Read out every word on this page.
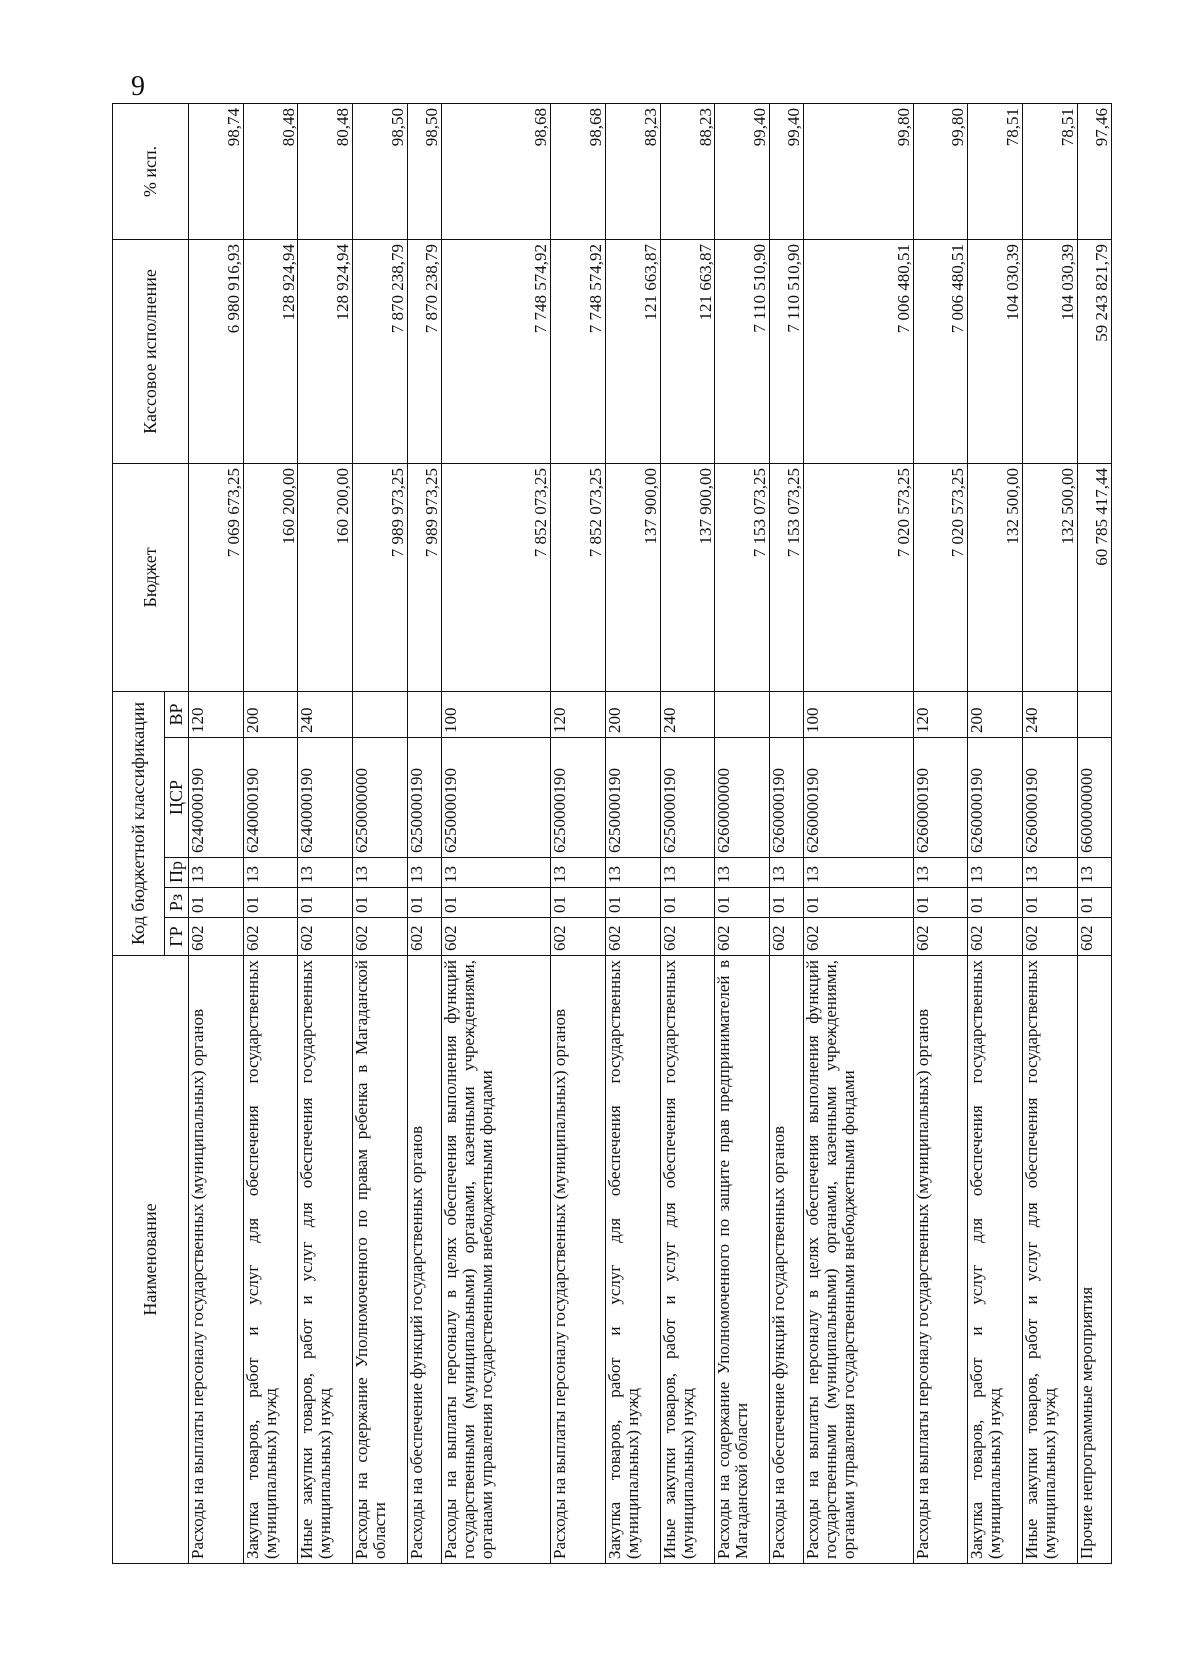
9
Наименование	Код бюджетной классификации					Бюджет	Кассовое исполнение	% исп.
	ГР	Рз	Пр	ЦСР	ВР			
Расходы на выплаты персоналу государственных (муниципальных) органов	602	01	13	6240000190	120	7 069 673,25	6 980 916,93	98,74
Закупка товаров, работ и услуг для обеспечения государственных (муниципальных) нужд	602	01	13	6240000190	200	160 200,00	128 924,94	80,48
Иные закупки товаров, работ и услуг для обеспечения государственных (муниципальных) нужд	602	01	13	6240000190	240	160 200,00	128 924,94	80,48
Расходы на содержание Уполномоченного по правам ребенка в Магаданской области	602	01	13	6250000000		7 989 973,25	7 870 238,79	98,50
Расходы на обеспечение функций государственных органов	602	01	13	6250000190		7 989 973,25	7 870 238,79	98,50
Расходы на выплаты персоналу в целях обеспечения выполнения функций государственными (муниципальными) органами, казенными учреждениями, органами управления государственными внебюджетными фондами	602	01	13	6250000190	100	7 852 073,25	7 748 574,92	98,68
Расходы на выплаты персоналу государственных (муниципальных) органов	602	01	13	6250000190	120	7 852 073,25	7 748 574,92	98,68
Закупка товаров, работ и услуг для обеспечения государственных (муниципальных) нужд	602	01	13	6250000190	200	137 900,00	121 663,87	88,23
Иные закупки товаров, работ и услуг для обеспечения государственных (муниципальных) нужд	602	01	13	6250000190	240	137 900,00	121 663,87	88,23
Расходы на содержание Уполномоченного по защите прав предпринимателей в Магаданской области	602	01	13	6260000000		7 153 073,25	7 110 510,90	99,40
Расходы на обеспечение функций государственных органов	602	01	13	6260000190		7 153 073,25	7 110 510,90	99,40
Расходы на выплаты персоналу в целях обеспечения выполнения функций государственными (муниципальными) органами, казенными учреждениями, органами управления государственными внебюджетными фондами	602	01	13	6260000190	100	7 020 573,25	7 006 480,51	99,80
Расходы на выплаты персоналу государственных (муниципальных) органов	602	01	13	6260000190	120	7 020 573,25	7 006 480,51	99,80
Закупка товаров, работ и услуг для обеспечения государственных (муниципальных) нужд	602	01	13	6260000190	200	132 500,00	104 030,39	78,51
Иные закупки товаров, работ и услуг для обеспечения государственных (муниципальных) нужд	602	01	13	6260000190	240	132 500,00	104 030,39	78,51
Прочие непрограммные мероприятия	602	01	13	6600000000		60 785 417,44	59 243 821,79	97,46
